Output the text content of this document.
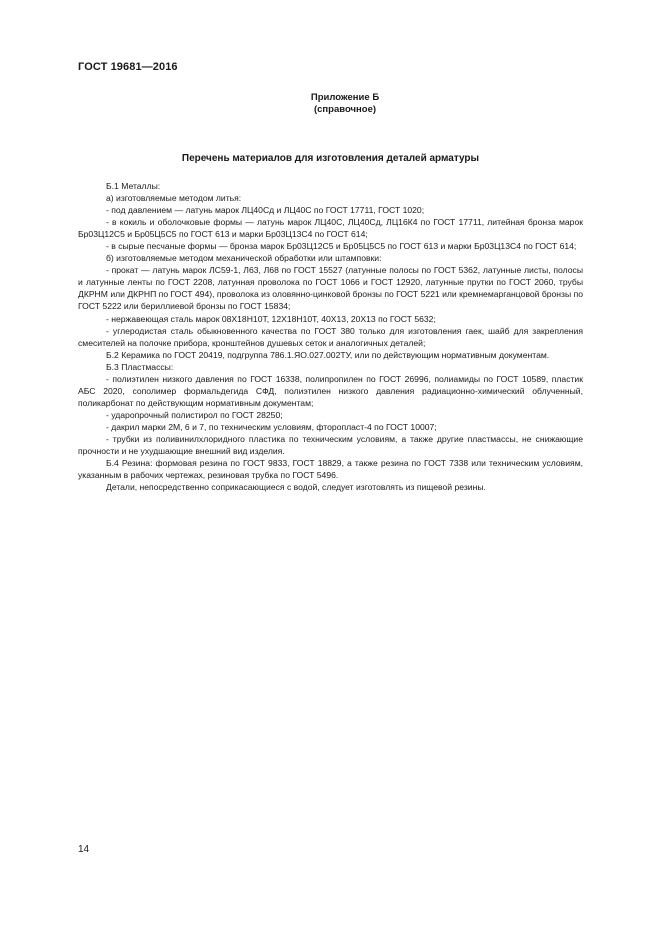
ГОСТ 19681—2016
Приложение Б
(справочное)
Перечень материалов для изготовления деталей арматуры

Б.1 Металлы:

а) изготовляемые методом литья:

- под давлением — латунь марок ЛЦ40Сд и ЛЦ40С по ГОСТ 17711, ГОСТ 1020;

- в кокиль и оболочковые формы — латунь марок ЛЦ40С, ЛЦ40Сд, ЛЦ16К4 по ГОСТ 17711, литейная бронза марок Бр03Ц12С5 и Бр05Ц5С5 по ГОСТ 613 и марки Бр03Ц13С4 по ГОСТ 614;

- в сырые песчаные формы — бронза марок Бр03Ц12С5 и Бр05Ц5С5 по ГОСТ 613 и марки Бр03Ц13С4 по ГОСТ 614;

б) изготовляемые методом механической обработки или штамповки:

- прокат — латунь марок ЛС59-1, Л63, Л68 по ГОСТ 15527 (латунные полосы по ГОСТ 5362, латунные листы, полосы и латунные ленты по ГОСТ 2208, латунная проволока по ГОСТ 1066 и ГОСТ 12920, латунные прутки по ГОСТ 2060, трубы ДКРНМ или ДКРНП по ГОСТ 494), проволока из оловянно-цинковой бронзы по ГОСТ 5221 или кремнемарганцовой бронзы по ГОСТ 5222 или бериллиевой бронзы по ГОСТ 15834;

- нержавеющая сталь марок 08Х18Н10Т, 12Х18Н10Т, 40Х13, 20Х13 по ГОСТ 5632;

- углеродистая сталь обыкновенного качества по ГОСТ 380 только для изготовления гаек, шайб для закрепления смесителей на полочке прибора, кронштейнов душевых сеток и аналогичных деталей;

Б.2 Керамика по ГОСТ 20419, подгруппа 786.1.ЯО.027.002ТУ, или по действующим нормативным документам.

Б.3 Пластмассы:

- полиэтилен низкого давления по ГОСТ 16338, полипропилен по ГОСТ 26996, полиамиды по ГОСТ 10589, пластик АБС 2020, сополимер формальдегида СФД, полиэтилен низкого давления радиационно-химический облученный, поликарбонат по действующим нормативным документам;

- ударопрочный полистирол по ГОСТ 28250;

- дакрил марки 2М, 6 и 7, по техническим условиям, фторопласт-4 по ГОСТ 10007;

- трубки из поливинилхлоридного пластика по техническим условиям, а также другие пластмассы, не снижающие прочности и не ухудшающие внешний вид изделия.

Б.4 Резина: формовая резина по ГОСТ 9833, ГОСТ 18829, а также резина по ГОСТ 7338 или техническим условиям, указанным в рабочих чертежах, резиновая трубка по ГОСТ 5496.

Детали, непосредственно соприкасающиеся с водой, следует изготовлять из пищевой резины.

14
